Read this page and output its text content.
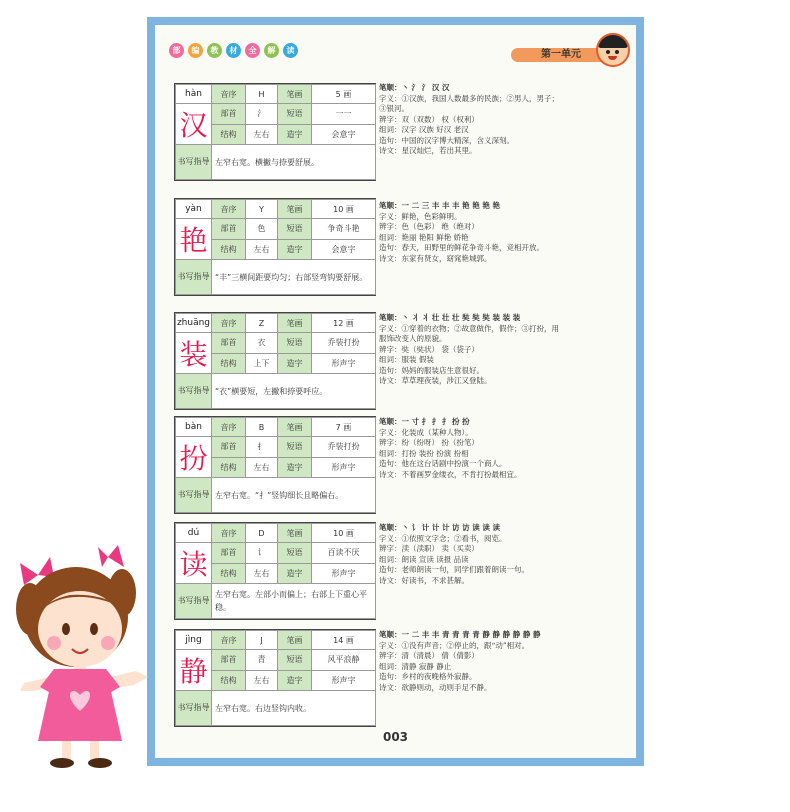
部	编	教	材	全	解	读	第一单元
hàn	音序	H	笔画	5 画
汉	部首	氵	短语	一一
	结构	左右	造字	会意字
书写指导	左窄右宽。横撇与捺要舒展。			
yàn	音序	Y	笔画	10 画
艳	部首	色	短语	争奇斗艳
	结构	左右	造字	会意字
书写指导	“丰”三横间距要均匀；右部竖弯钩要舒展。			
zhuāng	音序	Z	笔画	12 画
装	部首	衣	短语	乔装打扮
	结构	上下	造字	形声字
书写指导	“衣”横要短，左撇和捺要呼应。			
bàn	音序	B	笔画	7 画
扮	部首	扌	短语	乔装打扮
	结构	左右	造字	形声字
书写指导	左窄右宽。“扌”竖钩细长且略偏右。			
dú	音序	D	笔画	10 画
读	部首	讠	短语	百读不厌
	结构	左右	造字	形声字
书写指导	左窄右宽。左部小而偏上；右部上下重心平稳。			
jìng	音序	J	笔画	14 画
静	部首	青	短语	风平浪静
	结构	左右	造字	形声字
书写指导	左窄右宽。右边竖钩内收。			
笔顺：丶 氵 氵 汉 汉
字义：①汉族，我国人数最多的民族；②男人，男子；
③银河。
辨字：双（双数） 权（权利）
组词：汉字 汉族 好汉 老汉
造句：中国的汉字博大精深，含义深刻。
诗文：星汉灿烂，若出其里。
笔顺：一 二 三 丰 丰 丰 艳 艳 艳 艳
字义：鲜艳，色彩鲜明。
辨字：色（色彩） 绝（绝对）
组词：艳丽 艳阳 鲜艳 娇艳
造句：春天，田野里的鲜花争奇斗艳，竞相开放。
诗文：东家有贤女，窈窕艳城郭。
笔顺：丶 丬 丬 壮 壮 壮 奘 奘 奘 装 装 装
字义：①穿着的衣物；②故意做作，假作；③打扮，用
服饰改变人的原貌。
辨字：奘（奘状） 袋（袋子）
组词：服装 假装
造句：妈妈的服装店生意很好。
诗文：草草理夜装，涉江又登陆。
笔顺：一 寸 扌 扌 扌 扮 扮
字义：化装成（某种人物）。
辨字：纷（纷呀） 扮（扮笔）
组词：打扮 装扮 扮演 扮相
造句：他在这台话剧中扮演一个商人。
诗文：不着画罗金缕衣，不肯打扮最相宜。
笔顺：丶 讠 计 计 计 访 访 读 读 读
字义：①依照文字念；②看书，阅览。
辨字：渎（渎职） 卖（买卖）
组词：朗读 宣读 读报 品读
造句：老师朗读一句，同学们跟着朗读一句。
诗文：好读书，不求甚解。
笔顺：一 二 丰 丰 青 青 青 青 静 静 静 静 静 静
字义：①没有声音；②停止的，跟“动”相对。
辨字：清（清晨） 倩（倩影）
组词：清静 寂静 静止
造句：乡村的夜晚格外寂静。
诗文：欲静则动，动则手足不静。
003
